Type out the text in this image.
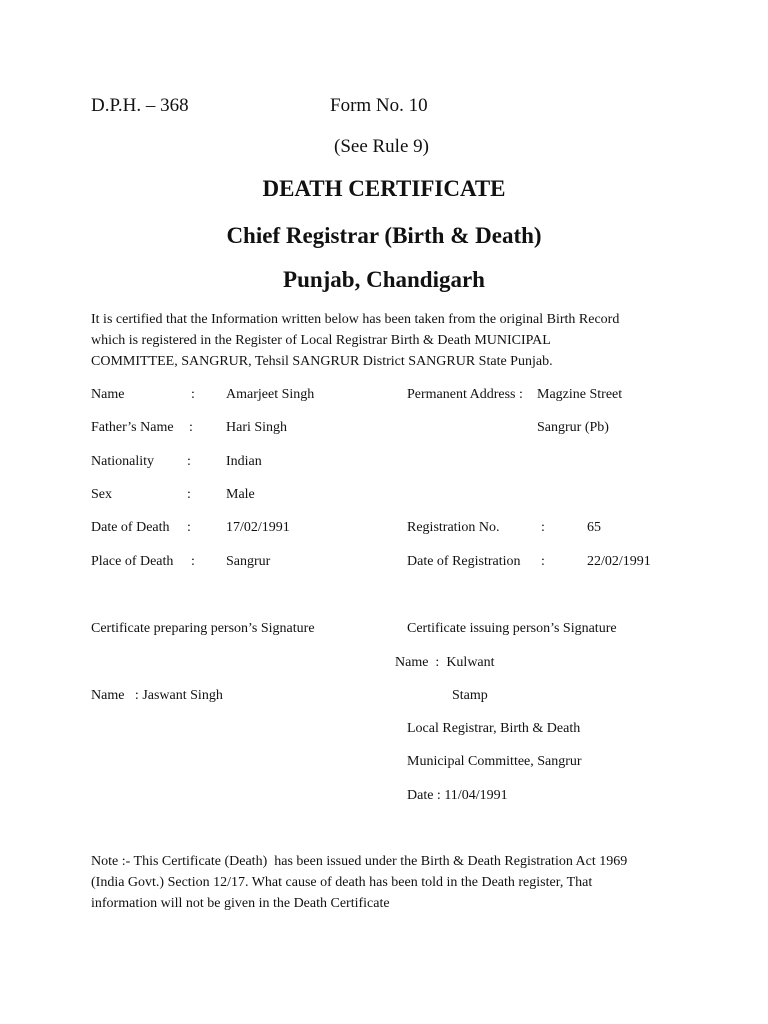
D.P.H. – 368	Form No. 10
(See Rule 9)
DEATH CERTIFICATE
Chief Registrar (Birth & Death)
Punjab, Chandigarh
It is certified that the Information written below has been taken from the original Birth Record
which is registered in the Register of Local Registrar Birth & Death MUNICIPAL
COMMITTEE, SANGRUR, Tehsil SANGRUR District SANGRUR State Punjab.
Name	: Amarjeet Singh	Permanent Address : Magzine Street
Father’s Name : Hari Singh	Sangrur (Pb)
Nationality :	Indian
Sex	:	Male
Date of Death :	17/02/1991	Registration No.	:	65
Place of Death : Sangrur	Date of Registration :	22/02/1991
Certificate preparing person’s Signature	Certificate issuing person’s Signature
Name  :  Kulwant
Name   : Jaswant Singh	Stamp
Local Registrar, Birth & Death
Municipal Committee, Sangrur
Date : 11/04/1991
Note :- This Certificate (Death)  has been issued under the Birth & Death Registration Act 1969
(India Govt.) Section 12/17. What cause of death has been told in the Death register, That
information will not be given in the Death Certificate
